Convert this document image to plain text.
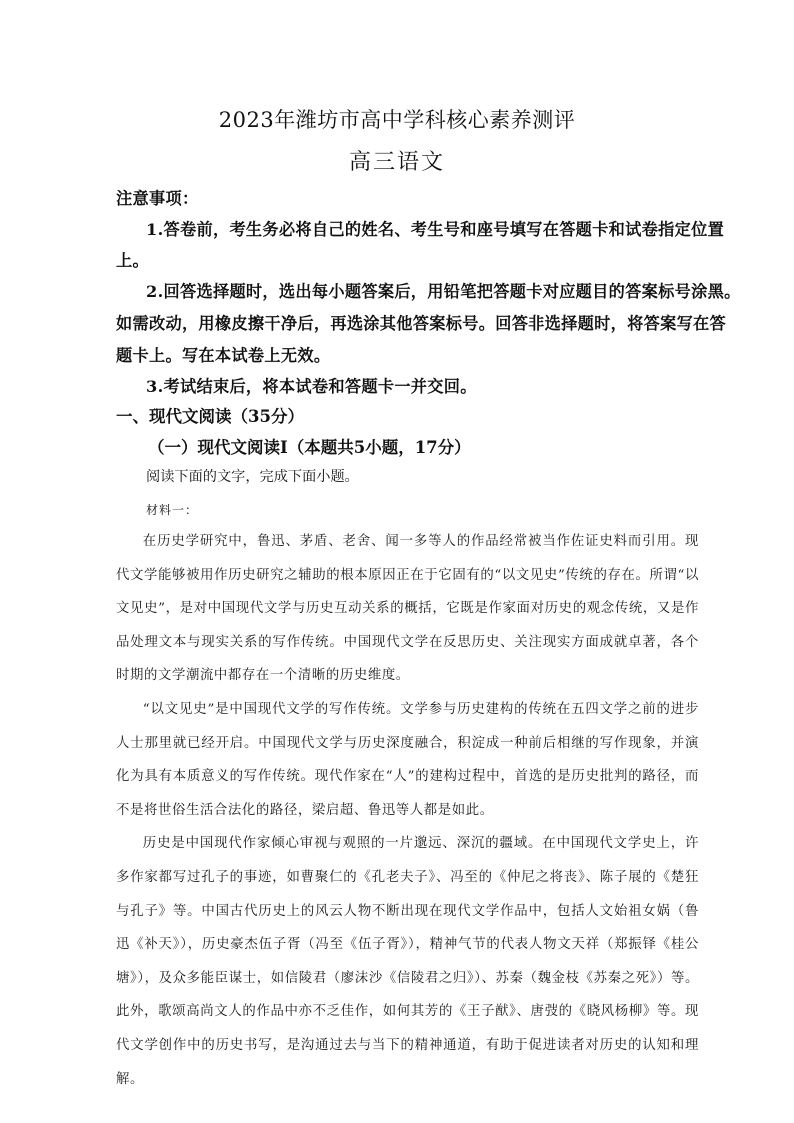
2023年潍坊市高中学科核心素养测评
高三语文
注意事项：
1.答卷前，考生务必将自己的姓名、考生号和座号填写在答题卡和试卷指定位置
上。
2.回答选择题时，选出每小题答案后，用铅笔把答题卡对应题目的答案标号涂黑。
如需改动，用橡皮擦干净后，再选涂其他答案标号。回答非选择题时，将答案写在答
题卡上。写在本试卷上无效。
3.考试结束后，将本试卷和答题卡一并交回。
一、现代文阅读（35分）
（一）现代文阅读Ⅰ（本题共5小题，17分）
阅读下面的文字，完成下面小题。
材料一：

在历史学研究中，鲁迅、茅盾、老舍、闻一多等人的作品经常被当作佐证史料而引用。现代文学能够被用作历史研究之辅助的根本原因正在于它固有的“以文见史”传统的存在。所谓“以文见史”，是对中国现代文学与历史互动关系的概括，它既是作家面对历史的观念传统，又是作品处理文本与现实关系的写作传统。中国现代文学在反思历史、关注现实方面成就卓著，各个时期的文学潮流中都存在一个清晰的历史维度。

“以文见史”是中国现代文学的写作传统。文学参与历史建构的传统在五四文学之前的进步人士那里就已经开启。中国现代文学与历史深度融合，积淀成一种前后相继的写作现象，并演化为具有本质意义的写作传统。现代作家在“人”的建构过程中，首选的是历史批判的路径，而不是将世俗生活合法化的路径，梁启超、鲁迅等人都是如此。

历史是中国现代作家倾心审视与观照的一片邈远、深沉的疆域。在中国现代文学史上，许多作家都写过孔子的事迹，如曹聚仁的《孔老夫子》、冯至的《仲尼之将丧》、陈子展的《楚狂与孔子》等。中国古代历史上的风云人物不断出现在现代文学作品中，包括人文始祖女娲（鲁迅《补天》），历史豪杰伍子胥（冯至《伍子胥》），精神气节的代表人物文天祥（郑振铎《桂公塘》），及众多能臣谋士，如信陵君（廖沫沙《信陵君之归》）、苏秦（魏金枝《苏秦之死》）等。此外，歌颂高尚文人的作品中亦不乏佳作，如何其芳的《王子猷》、唐弢的《晓风杨柳》等。现代文学创作中的历史书写，是沟通过去与当下的精神通道，有助于促进读者对历史的认知和理解。
